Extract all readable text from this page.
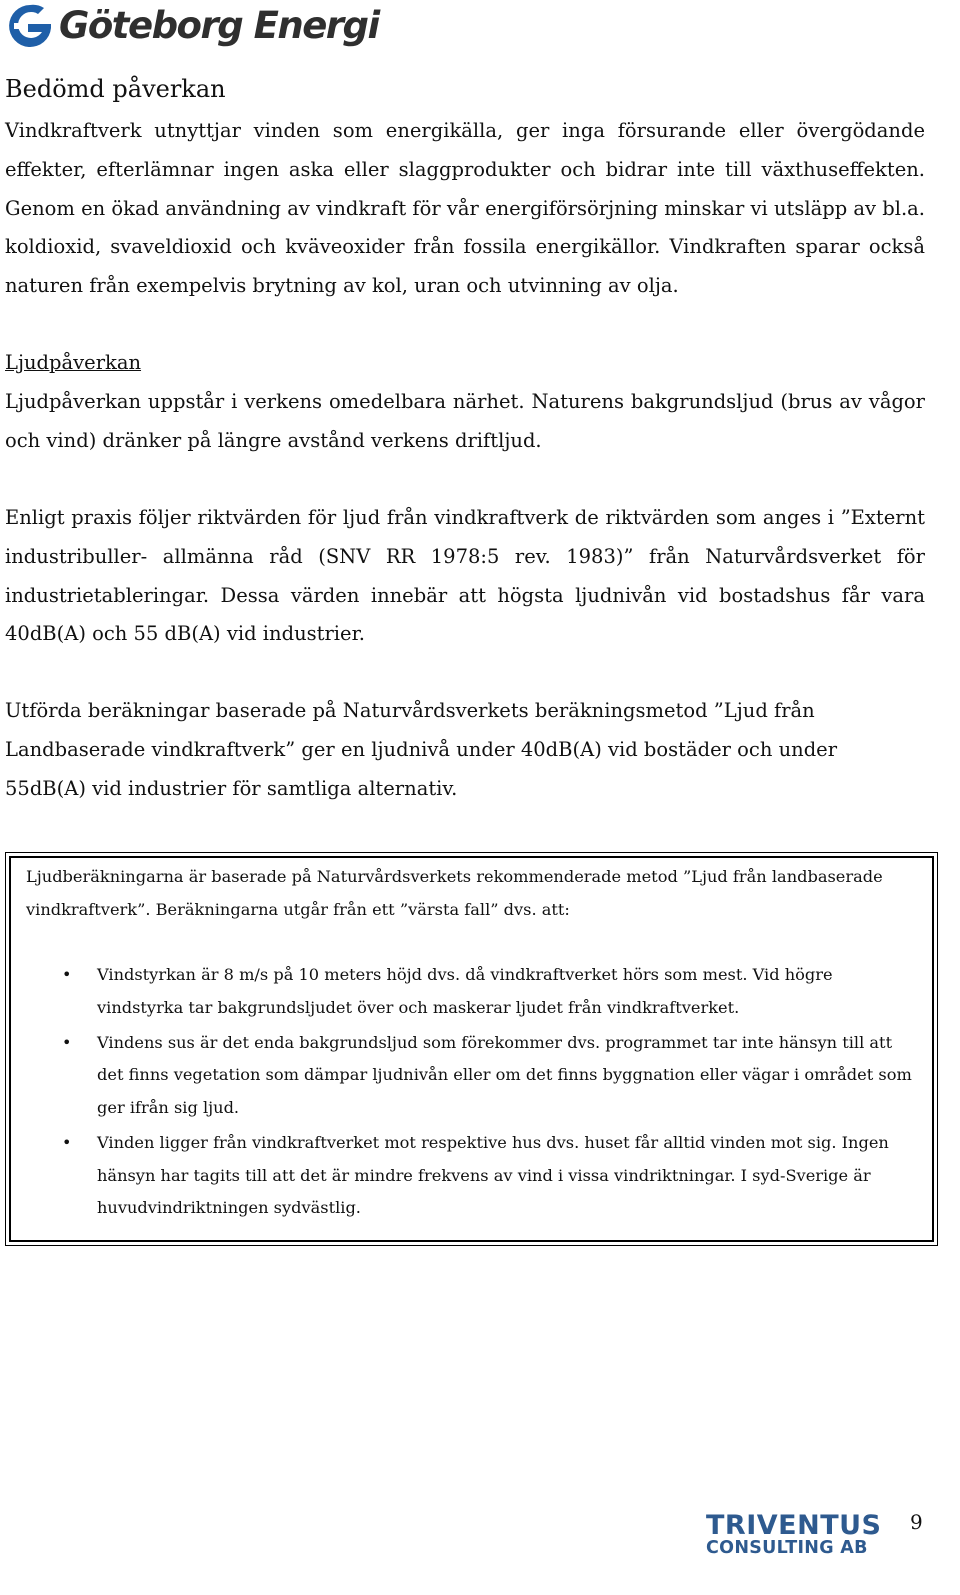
Göteborg Energi
Bedömd påverkan

Vindkraftverk utnyttjar vinden som energikälla, ger inga försurande eller övergödande effekter, efterlämnar ingen aska eller slaggprodukter och bidrar inte till växthuseffekten. Genom en ökad användning av vindkraft för vår energiförsörjning minskar vi utsläpp av bl.a. koldioxid, svaveldioxid och kväveoxider från fossila energikällor. Vindkraften sparar också naturen från exempelvis brytning av kol, uran och utvinning av olja.

Ljudpåverkan

Ljudpåverkan uppstår i verkens omedelbara närhet. Naturens bakgrundsljud (brus av vågor och vind) dränker på längre avstånd verkens driftljud.

Enligt praxis följer riktvärden för ljud från vindkraftverk de riktvärden som anges i ”Externt industribuller- allmänna råd (SNV RR 1978:5 rev. 1983)” från Naturvårdsverket för industrietableringar. Dessa värden innebär att högsta ljudnivån vid bostadshus får vara 40dB(A) och 55 dB(A) vid industrier.

Utförda beräkningar baserade på Naturvårdsverkets beräkningsmetod ”Ljud från Landbaserade vindkraftverk” ger en ljudnivå under 40dB(A) vid bostäder och under 55dB(A) vid industrier för samtliga alternativ.

Ljudberäkningarna är baserade på Naturvårdsverkets rekommenderade metod ”Ljud från landbaserade vindkraftverk”. Beräkningarna utgår från ett ”värsta fall” dvs. att:

• Vindstyrkan är 8 m/s på 10 meters höjd dvs. då vindkraftverket hörs som mest. Vid högre vindstyrka tar bakgrundsljudet över och maskerar ljudet från vindkraftverket.
• Vindens sus är det enda bakgrundsljud som förekommer dvs. programmet tar inte hänsyn till att det finns vegetation som dämpar ljudnivån eller om det finns byggnation eller vägar i området som ger ifrån sig ljud.
• Vinden ligger från vindkraftverket mot respektive hus dvs. huset får alltid vinden mot sig. Ingen hänsyn har tagits till att det är mindre frekvens av vind i vissa vindriktningar. I syd-Sverige är huvudvindriktningen sydvästlig.
TRIVENTUS
CONSULTING AB
9
